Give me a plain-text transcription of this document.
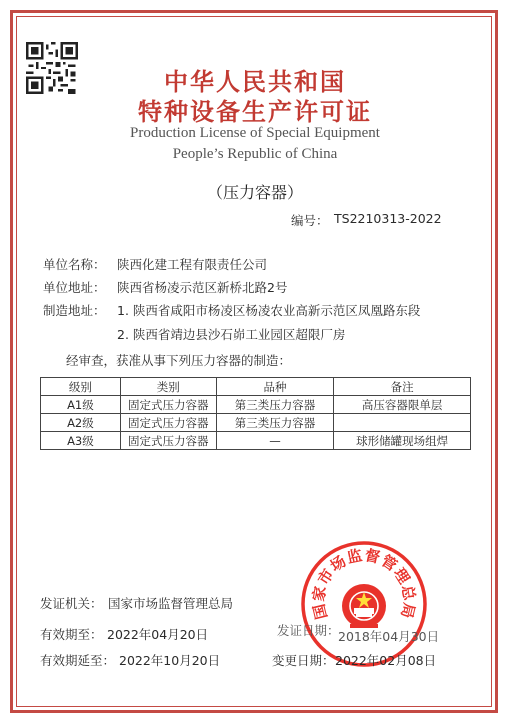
中华人民共和国
特种设备生产许可证
Production License of Special Equipment
People’s Republic of China
（压力容器）
编号： TS2210313-2022
单位名称： 陕西化建工程有限责任公司
单位地址： 陕西省杨凌示范区新桥北路2号
制造地址： 1. 陕西省咸阳市杨凌区杨凌农业高新示范区凤凰路东段
2. 陕西省靖边县沙石峁工业园区超限厂房
经审查，获准从事下列压力容器的制造：
级别	类别	品种	备注
A1级	固定式压力容器	第三类压力容器	高压容器限单层
A2级	固定式压力容器	第三类压力容器	
A3级	固定式压力容器	—	球形储罐现场组焊
国家市场监督管理总局
发证机关： 国家市场监督管理总局
有效期至： 2022年04月20日
有效期延至： 2022年10月20日
发证日期：
2018年04月30日
变更日期： 2022年02月08日
